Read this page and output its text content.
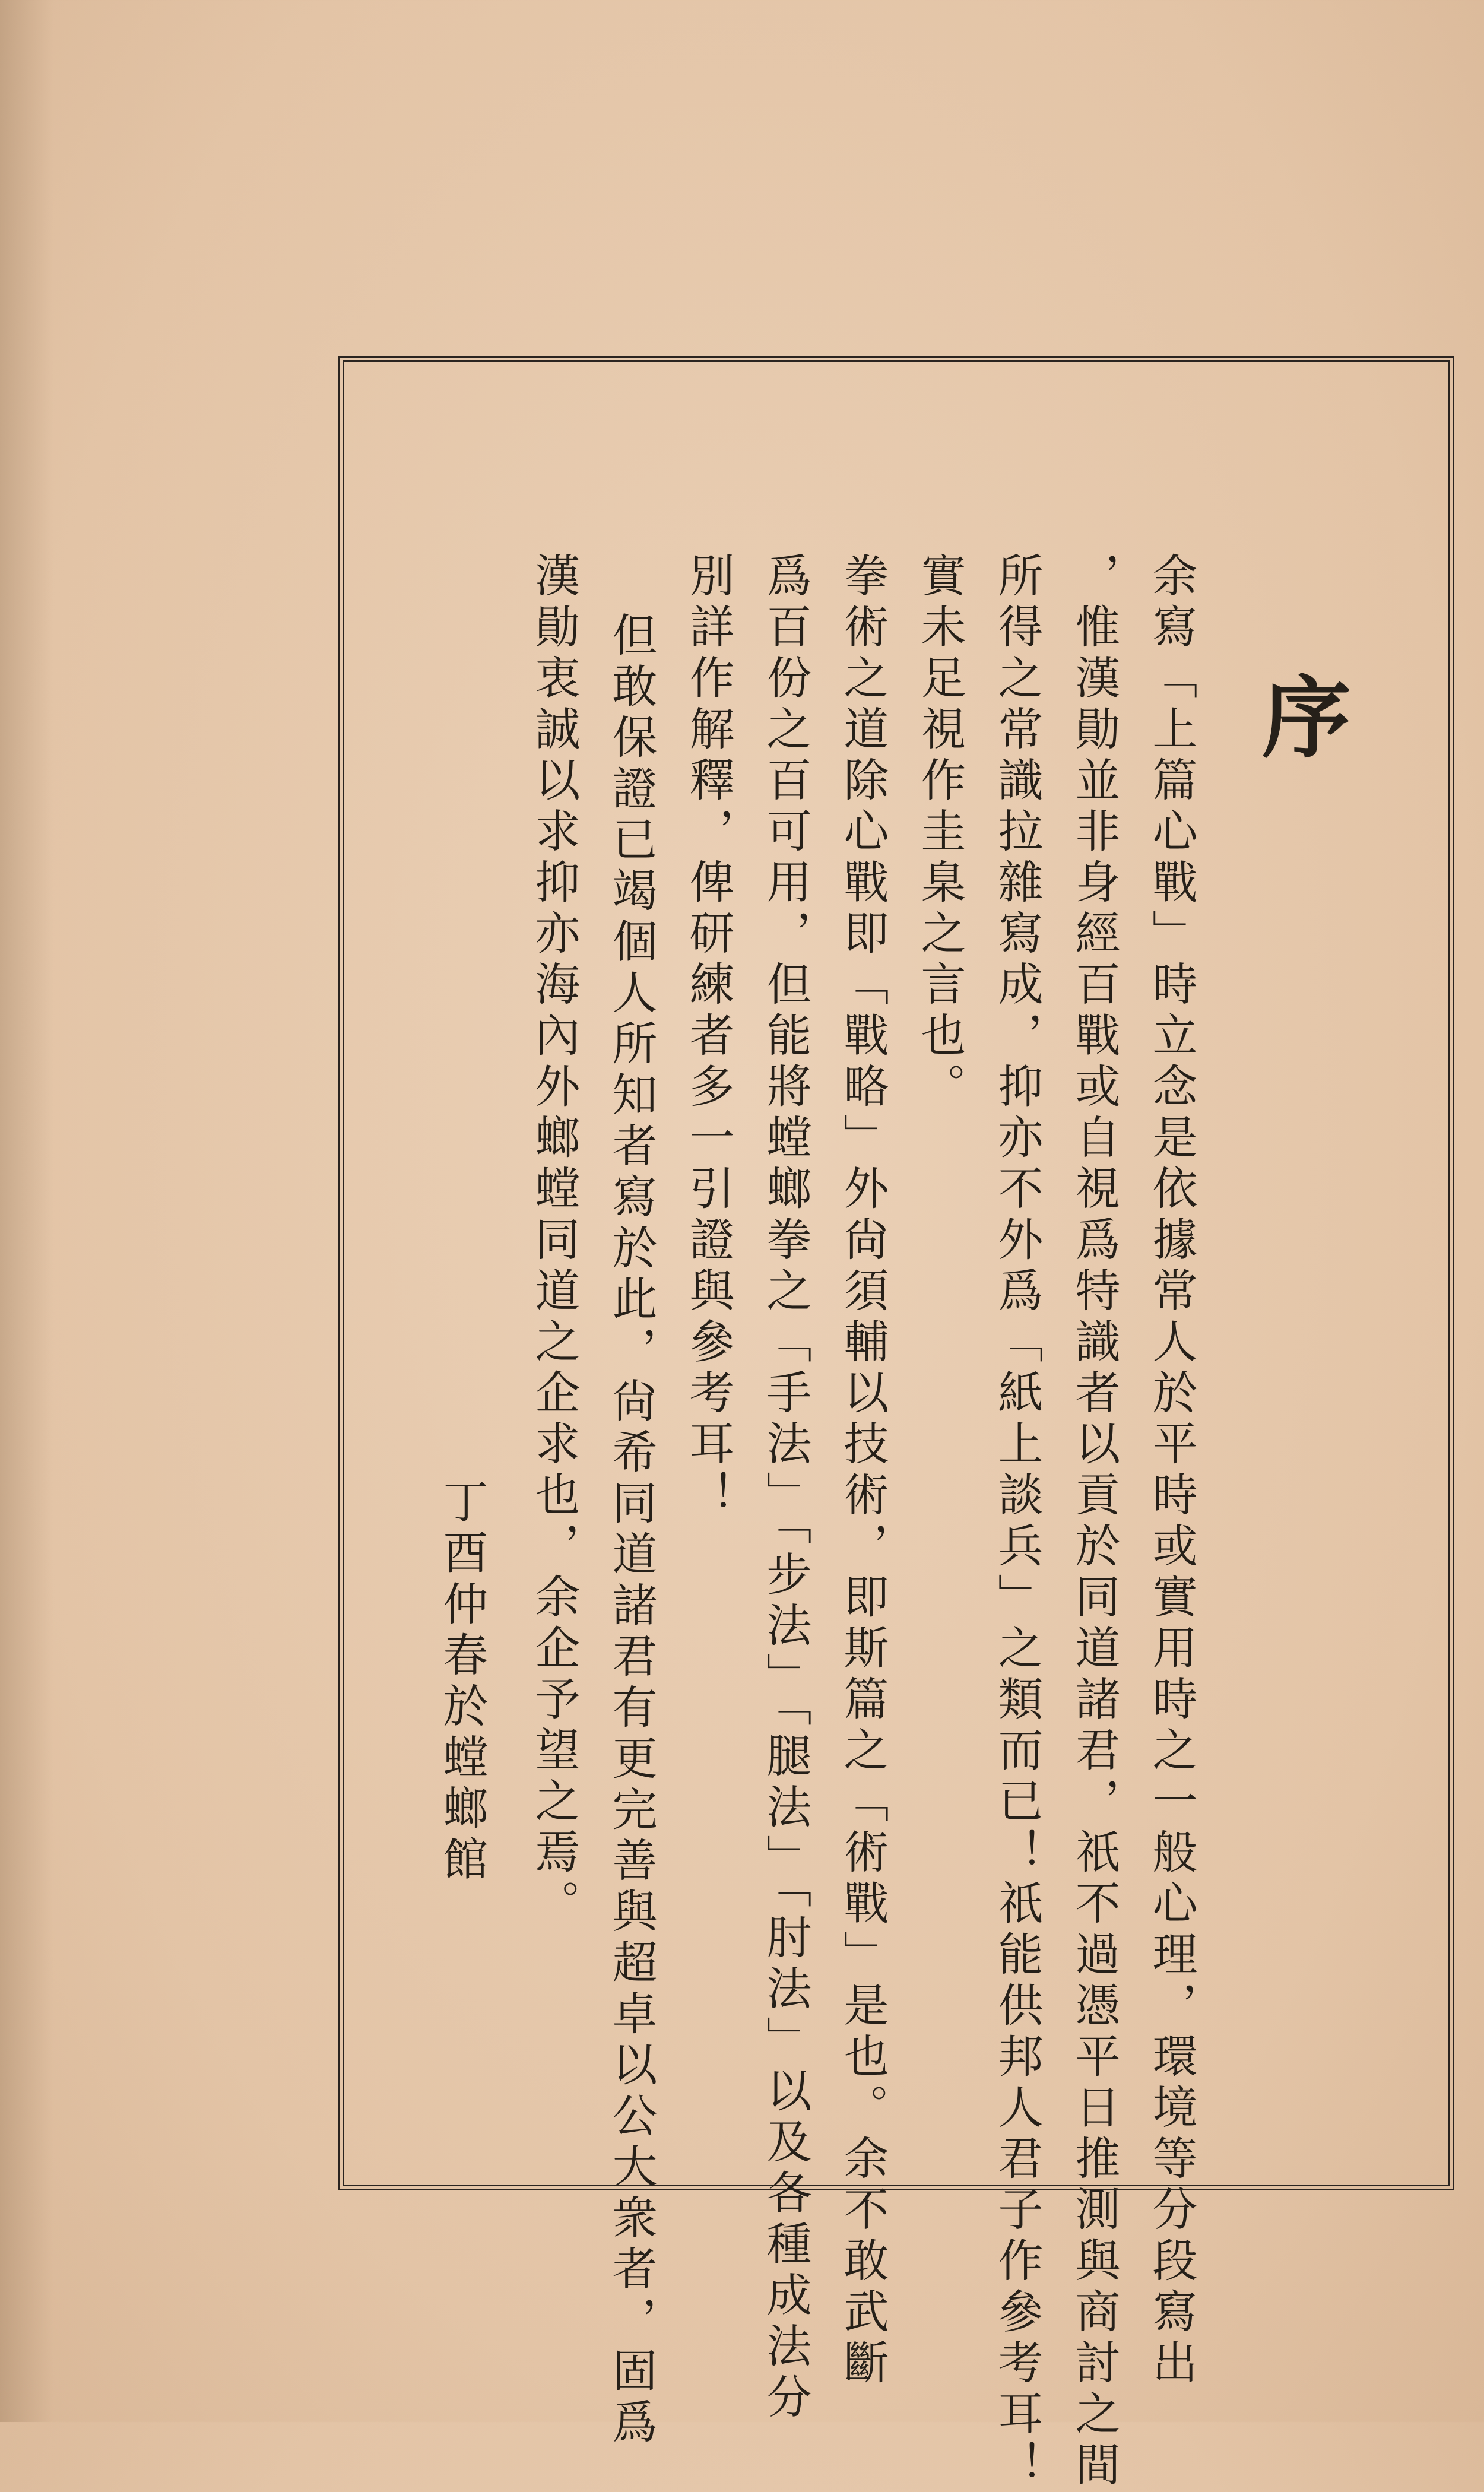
序
余寫「上篇心戰」時立念是依據常人於平時或實用時之一般心理，環境等分段寫出
，惟漢勛並非身經百戰或自視爲特識者以貢於同道諸君，祇不過憑平日推測與商討之間
所得之常識拉雜寫成，抑亦不外爲「紙上談兵」之類而已！祇能供邦人君子作參考耳！
實未足視作圭臬之言也。
拳術之道除心戰即「戰略」外尙須輔以技術，即斯篇之「術戰」是也。余不敢武斷
爲百份之百可用，但能將螳螂拳之「手法」「步法」「腿法」「肘法」以及各種成法分
別詳作解釋，俾研練者多一引證與參考耳！
但敢保證已竭個人所知者寫於此，尙希同道諸君有更完善與超卓以公大衆者，固爲
漢勛衷誠以求抑亦海內外螂螳同道之企求也，余企予望之焉。
丁酉仲春於螳螂館
